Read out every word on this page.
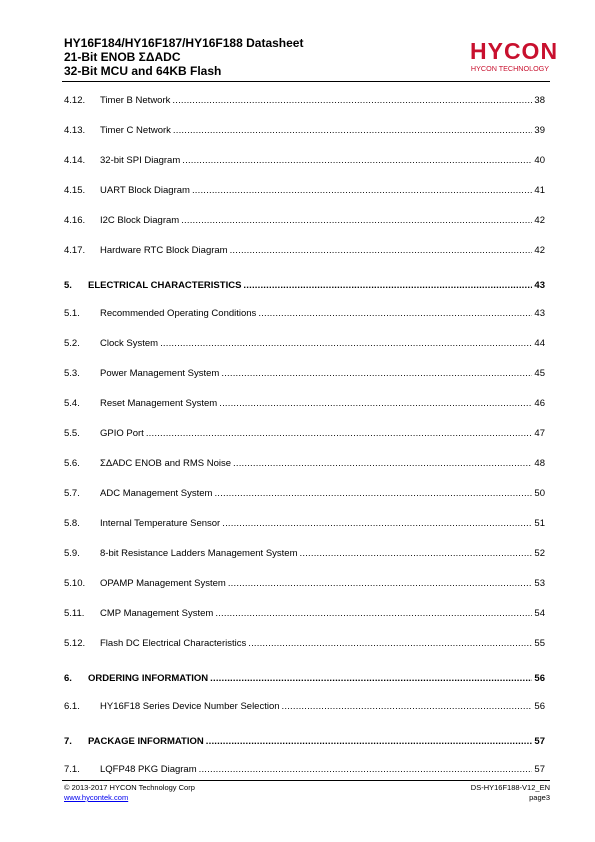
HY16F184/HY16F187/HY16F188 Datasheet
21-Bit ENOB ΣΔADC
32-Bit MCU and 64KB Flash
HYCON
HYCON TECHNOLOGY
4.12.	Timer B Network .....	38
4.13.	Timer C Network .....	39
4.14.	32-bit SPI Diagram .....	40
4.15.	UART Block Diagram .....	41
4.16.	I2C Block Diagram .....	42
4.17.	Hardware RTC Block Diagram .....	42
5.	ELECTRICAL CHARACTERISTICS .....	43
5.1.	Recommended Operating Conditions .....	43
5.2.	Clock System .....	44
5.3.	Power Management System .....	45
5.4.	Reset Management System .....	46
5.5.	GPIO Port .....	47
5.6.	ΣΔADC ENOB and RMS Noise .....	48
5.7.	ADC Management System .....	50
5.8.	Internal Temperature Sensor .....	51
5.9.	8-bit Resistance Ladders Management System .....	52
5.10.	OPAMP Management System .....	53
5.11.	CMP Management System .....	54
5.12.	Flash DC Electrical Characteristics .....	55
6.	ORDERING INFORMATION .....	56
6.1.	HY16F18 Series Device Number Selection .....	56
7.	PACKAGE INFORMATION .....	57
7.1.	LQFP48 PKG Diagram .....	57
© 2013-2017 HYCON Technology Corp
www.hycontek.com
DS-HY16F188-V12_EN
page3
